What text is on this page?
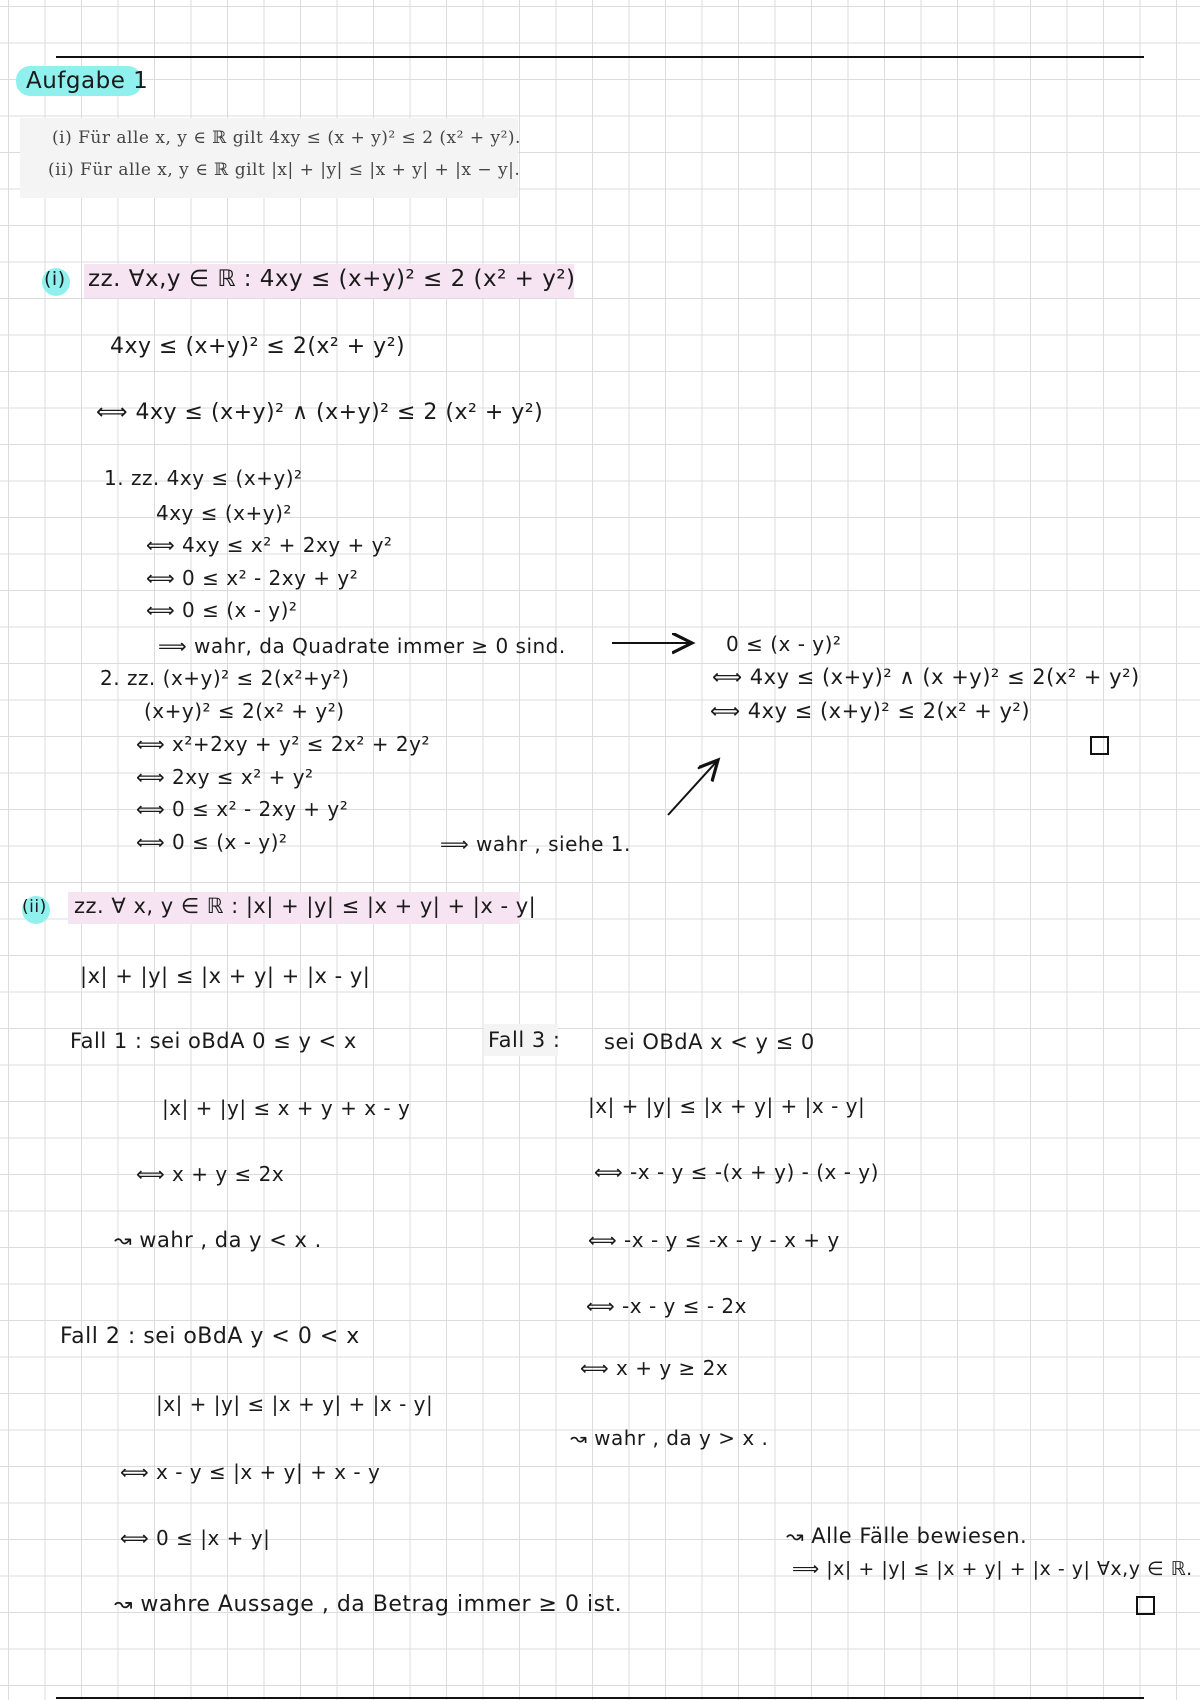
Aufgabe 1
(i) Für alle x, y ∈ ℝ gilt 4xy ≤ (x + y)² ≤ 2 (x² + y²).
(ii) Für alle x, y ∈ ℝ gilt |x| + |y| ≤ |x + y| + |x − y|.
(i) zz. ∀x,y ∈ ℝ : 4xy ≤ (x+y)² ≤ 2 (x² + y²)
4xy ≤ (x+y)² ≤ 2(x² + y²)
⟺ 4xy ≤ (x+y)² ∧ (x+y)² ≤ 2 (x² + y²)
1. zz. 4xy ≤ (x+y)²
4xy ≤ (x+y)²
⟺ 4xy ≤ x² + 2xy + y²
⟺ 0 ≤ x² - 2xy + y²
⟺ 0 ≤ (x - y)²
⟹ wahr, da Quadrate immer ≥ 0 sind.
2. zz. (x+y)² ≤ 2(x²+y²)
(x+y)² ≤ 2(x² + y²)
⟺ x²+2xy + y² ≤ 2x² + 2y²
⟺ 2xy ≤ x² + y²
⟺ 0 ≤ x² - 2xy + y²
⟺ 0 ≤ (x - y)²	⟹ wahr , siehe 1.
0 ≤ (x - y)²
⟺ 4xy ≤ (x+y)² ∧ (x +y)² ≤ 2(x² + y²)
⟺ 4xy ≤ (x+y)² ≤ 2(x² + y²)
(ii) zz. ∀ x, y ∈ ℝ : |x| + |y| ≤ |x + y| + |x - y|
|x| + |y| ≤ |x + y| + |x - y|
Fall 1 : sei oBdA 0 ≤ y < x
|x| + |y| ≤ x + y + x - y
⟺ x + y ≤ 2x
↝ wahr , da y < x .
Fall 2 : sei oBdA y < 0 < x
|x| + |y| ≤ |x + y| + |x - y|
⟺ x - y ≤ |x + y| + x - y
⟺ 0 ≤ |x + y|
↝ wahre Aussage , da Betrag immer ≥ 0 ist.
Fall 3 : sei OBdA x < y ≤ 0
|x| + |y| ≤ |x + y| + |x - y|
⟺ -x - y ≤ -(x + y) - (x - y)
⟺ -x - y ≤ -x - y - x + y
⟺ -x - y ≤ - 2x
⟺ x + y ≥ 2x
↝ wahr , da y > x .
↝ Alle Fälle bewiesen.
⟹ |x| + |y| ≤ |x + y| + |x - y| ∀x,y ∈ ℝ.
